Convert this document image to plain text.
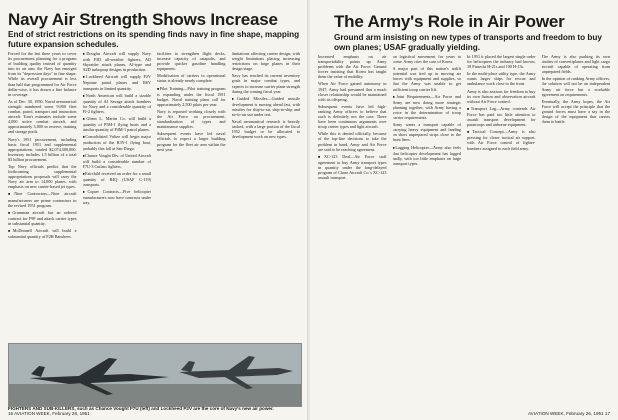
Navy Air Strength Shows Increase
End of strict restrictions on its spending finds navy in fine shape, mapping future expansion schedules.

Forced for the last three years to cover its procurement planning for a program of building quality instead of quantity into its air arm, the Navy has emerged from its "depression days" in fine shape. While its overall procurement is less than half that programmed for Air Force dollar-wise, it has drawn a fine balance in coverage.

As of Dec. 30, 1950, Naval aeronautical strength numbered some 9,000 fleet combat, patrol, transport and instruction aircraft. Tom's estimates include some 4,000 active combat aircraft, and approximately 3,000 in reserve, training and storage pools.

Navy's 1951 procurement, including basic fiscal 1951 and supplemental appropriations, totaled $2,074,500,000. Inventory includes 1.5 billion of a total $3 billion procurement.

Top Navy officials predict that the forthcoming supplemental appropriations proposals will carry the Navy air arm to 14,000 planes, with emphasis on new carrier-based jet types.

■ Nine Contractors—Nine aircraft manufacturers are prime contractors in the revised 1951 program.

■ Grumman aircraft has an ordered contract for F9F and attack carrier types in substantial quantity.

■ McDonnell Aircraft will build a substantial quantity of F2H Banshees.

■ Douglas Aircraft will supply Navy with F3D all-weather fighters, AD Skyraider attack planes, AJ-type and A2D turboprop designs in production.

■ Lockheed Aircraft will supply P2V Neptune patrol planes and R6V transports in limited quantity.

■ North American will build a sizable quantity of AJ Savage attack bombers for Navy and a considerable quantity of FJ-2 fighters.

■ Glenn L. Martin Co. will build a quantity of P5M-1 flying boats and a similar quantity of P4M-1 patrol planes.

■ Consolidated Vultee will begin major production of the R3Y-1 flying boat, probably this fall at San Diego.

■ Chance Vought Div. of United Aircraft will build a considerable number of F7U-3 Cutlass fighters.

■ Fairchild received an order for a small quantity of R4Q (USAF C-119) transports.

■ Copter Contracts—Five helicopter manufacturers now have contracts under way.

facilities to strengthen flight decks, increase capacity of catapults, and provide quicker gasoline handling equipment.

Modification of carriers in operational status is already nearly complete.

■ Pilot Training—Pilot training program is expanding under the fiscal 1951 budget. Naval training plans call for approximately 2,500 pilots per year.

Navy is reported working closely with the Air Force on procurement, standardization of types and maintenance supplies.

Subsequent events have led naval officials to expect a larger building program for the fleet air arm within the next year.

limitations affecting carrier design, with weight limitations placing increasing restrictions on large planes in their design stage.

Navy has reached its current inventory goals in major combat types, and expects to increase carrier plane strength during the coming fiscal year.

■ Guided Missiles—Guided missile development is moving ahead fast, with missiles for ship-to-air, ship-to-ship and air-to-air use under test.

Naval aeronautical research is heavily backed, with a large portion of the fiscal 1952 budget to be allocated to development work on new types.

FIGHTERS AND SUB-KILLERS, such as Chance Vought F7U (left) and Lockheed P2V are the core of Navy's new air power.
The Army's Role in Air Power
Ground arm insisting on new types of transports and freedom to buy own planes; USAF gradually yielding.

Increased emphasis on air transportability points up Army problems with the Air Force. Ground forces insisting that Korea has taught them the value of mobility.

When Air Force gained autonomy in 1947, Army had presumed that a much closer relationship would be maintained with its offspring.

Subsequent events have led high-ranking Army officers to believe that such is definitely not the case. There have been continuous arguments over troop carrier types and light aircraft.

While this is denied officially, because of the top-line decisions to take the problem in hand, Army and Air Force are said to be reaching agreement.

■ XC-123 Deal—Air Force staff agreement to buy Army transport types in quantity under the long-delayed program of Chase Aircraft Co.'s XC-123 assault transport.

on logistical movement for years to come. Army cites the case of Korea.

A major part of this nation's airlift potential was tied up in moving air forces with equipment and supplies, so that the Army was unable to get sufficient troop carrier lift.

■ Joint Requirements—Air Force and Army are now doing more strategic planning together, with Army having a voice in the determination of troop carrier requirements.

Army wants a transport capable of carrying heavy equipment and landing on short unprepared strips close to the front lines.

■ Lagging Helicopter—Army also feels that helicopter development has lagged badly, with too little emphasis on large transport types.

In 1951 it placed the largest single order for helicopters the industry had known, 18 Piasecki H-21s and 100 H-13s.

In the multi-place utility type, the Army wants larger ships for rescue and ambulance work close to the front.

Army is also anxious for freedom to buy its own liaison and observation aircraft without Air Force control.

■ Transport Lag—Army contends Air Force has paid too little attention to assault transport development for paratroops and airborne equipment.

■ Tactical Concept—Army is also pressing for closer tactical air support, with Air Force control of fighter-bombers assigned to each field army.

The Army is also pushing its own studies of convertiplanes and light cargo aircraft capable of operating from unprepared fields.

In the opinion of ranking Army officers, the solution will not be an independent Army air force but a workable agreement on requirements.

Eventually, the Army hopes, the Air Force will accept the principle that the ground forces must have a say in the design of the equipment that carries them to battle.

16 AVIATION WEEK, February 26, 1951	AVIATION WEEK, February 26, 1951 17
